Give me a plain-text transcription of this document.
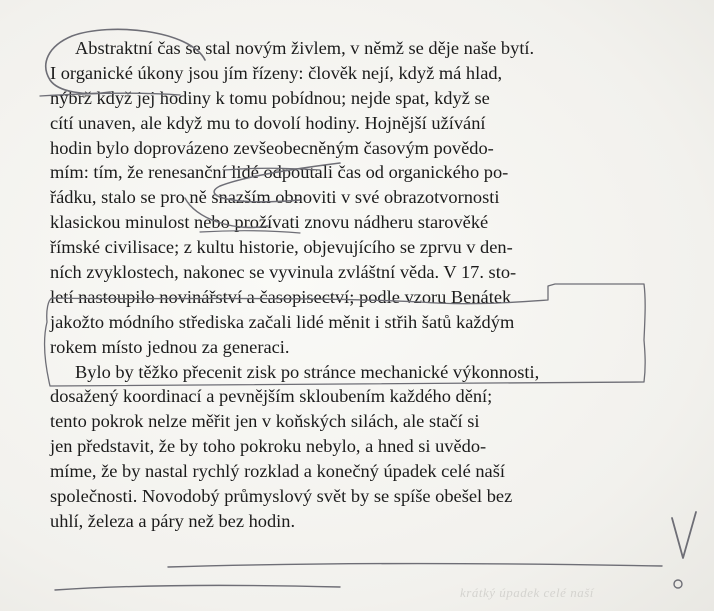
Abstraktní čas se stal novým živlem, v němž se děje naše bytí.
I organické úkony jsou jím řízeny: člověk nejí, když má hlad,
nýbrž když jej hodiny k tomu pobídnou; nejde spat, když se
cítí unaven, ale když mu to dovolí hodiny. Hojnější užívání
hodin bylo doprovázeno zevšeobecněným časovým povědo-
mím: tím, že renesanční lidé odpoutali čas od organického po-
řádku, stalo se pro ně snazším obnoviti v své obrazotvornosti
klasickou minulost nebo prožívati znovu nádheru starověké
římské civilisace; z kultu historie, objevujícího se zprvu v den-
ních zvyklostech, nakonec se vyvinula zvláštní věda. V 17. sto-
letí nastoupilo novinářství a časopisectví; podle vzoru Benátek
jakožto módního střediska začali lidé měnit i střih šatů každým
rokem místo jednou za generaci.
Bylo by těžko přecenit zisk po stránce mechanické výkonnosti,
dosažený koordinací a pevnějším skloubením každého dění;
tento pokrok nelze měřit jen v koňských silách, ale stačí si
jen představit, že by toho pokroku nebylo, a hned si uvědo-
míme, že by nastal rychlý rozklad a konečný úpadek celé naší
společnosti. Novodobý průmyslový svět by se spíše obešel bez
uhlí, železa a páry než bez hodin.
krátký úpadek celé naší
